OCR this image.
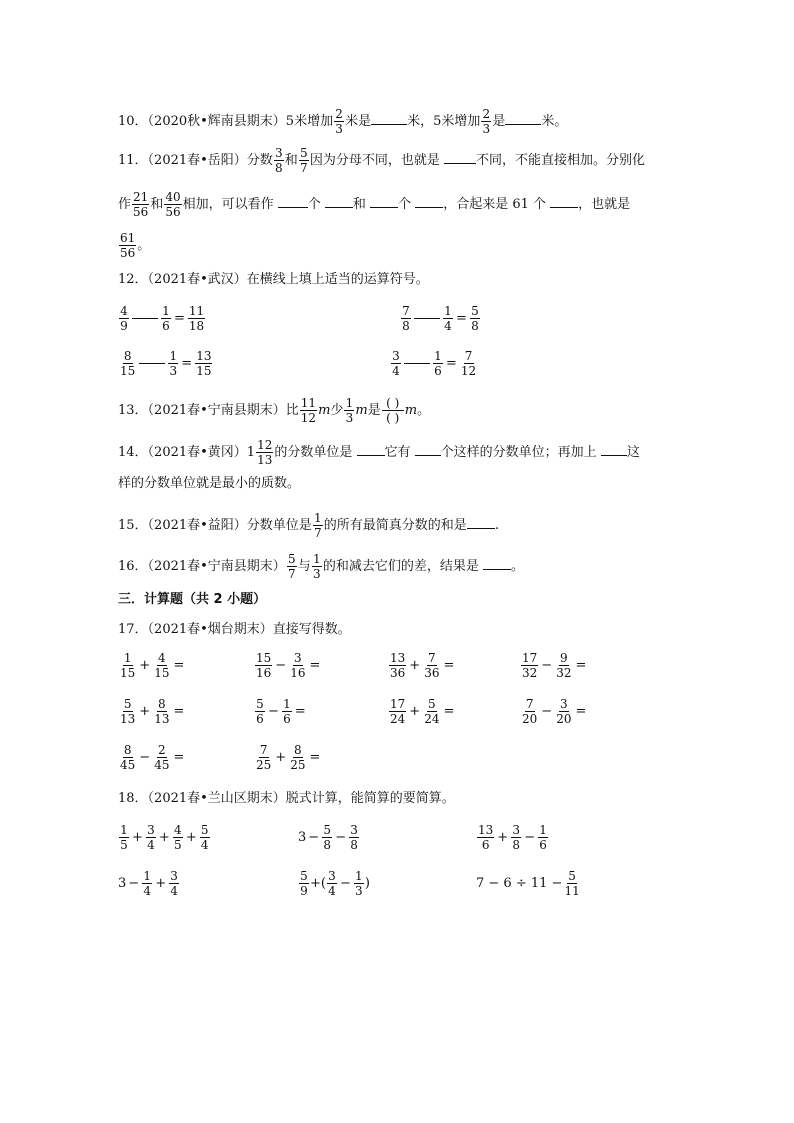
10．（2020秋•辉南县期末）5米增加 $\frac{2}{3}$ 米是	米，5米增加 $\frac{2}{3}$ 是	米。
11．（2021春•岳阳）分数 $\frac{3}{8}$ 和 $\frac{5}{7}$ 因为分母不同，也就是	不同，不能直接相加。分别化
作 $\frac{21}{56}$ 和 $\frac{40}{56}$ 相加，可以看作	个 和 个 ，合起来是 61 个 ，也就是
$\frac{61}{56}$ 。
12．（2021春•武汉）在横线上填上适当的运算符号。
$\frac{4}{9}$	$\frac{1}{6} = \frac{11}{18}$	$\frac{7}{8}$	$\frac{1}{4} = \frac{5}{8}$
$\frac{8}{15}$	$\frac{1}{3} = \frac{13}{15}$	$\frac{3}{4}$	$\frac{1}{6} = \frac{7}{12}$
13．（2021春•宁南县期末）比 $\frac{11}{12}$ m少 $\frac{1}{3}$ m是 ( )
( ) m。
14．（2021春•黄冈）$1 \frac{12}{13}$ 的分数单位是 它有 个这样的分数单位；再加上 这
样的分数单位就是最小的质数。
15．（2021春•益阳）分数单位是 $\frac{1}{7}$ 的所有最简真分数的和是 .
16．（2021春•宁南县期末） $\frac{5}{7}$ 与 $\frac{1}{3}$ 的和减去它们的差，结果是 。
三．计算题（共 2 小题）
17．（2021春•烟台期末）直接写得数。
$\frac{1}{15} + \frac{4}{15}$ =	$\frac{15}{16} - \frac{3}{16}$ =	$\frac{13}{36} + \frac{7}{36}$ =	$\frac{17}{32} - \frac{9}{32}$ =
$\frac{5}{13} + \frac{8}{13}$ =	$\frac{5}{6} - \frac{1}{6}$ =	$\frac{17}{24} + \frac{5}{24}$ =	$\frac{7}{20} - \frac{3}{20}$ =
$\frac{8}{45} - \frac{2}{45}$ =	$\frac{7}{25} + \frac{8}{25}$ =
18．（2021春•兰山区期末）脱式计算，能简算的要简算。
$\frac{1}{5} + \frac{3}{4} + \frac{4}{5} + \frac{5}{4}$	$3 - \frac{5}{8} - \frac{3}{8}$	$\frac{13}{6} + \frac{3}{8} - \frac{1}{6}$
$3 - \frac{1}{4} + \frac{3}{4}$	$\frac{5}{9}$ +( $\frac{3}{4} - \frac{1}{3}$ )	$7 - 6 \div 11 - \frac{5}{11}$
